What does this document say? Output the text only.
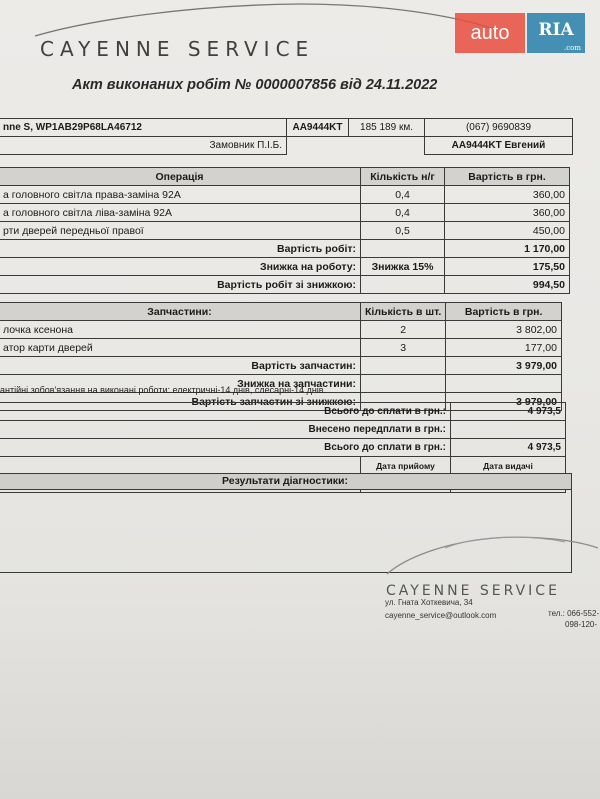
CAYENNE SERVICE
auto	RIA
.com
Акт виконаних робіт № 0000007856 від 24.11.2022
nne S, WP1AB29P68LA46712	AA9444KT	185 189 км.	(067) 9690839
Замовник П.І.Б.			AA9444KT Евгений
Операція	Кількість н/г	Вартість в грн.
а головного світла права-заміна 92А	0,4	360,00
а головного світла ліва-заміна 92А	0,4	360,00
рти дверей передньої правої	0,5	450,00
Вартість робіт:		1 170,00
Знижка на роботу:	Знижка 15%	175,50
Вартість робіт зі знижкою:		994,50
Запчастини:	Кількість в шт.	Вартість в грн.
лочка ксенона	2	3 802,00
атор карти дверей	3	177,00
Вартість запчастин:		3 979,00
Знижка на запчастини:		
Вартість запчастин зі знижкою:		3 979,00
антійні зобов'язання на виконані роботи: електричні-14 днів, слесарні-14 днів.
Всього до сплати в грн.:		4 973,5
Внесено передплати в грн.:		
Всього до сплати в грн.:		4 973,5
	Дата прийому	Дата видачі

Результати діагностики:
CAYENNE SERVICE
ул. Гната Хоткевича, 34
cayenne_service@outlook.com	тел.: 066-552-
098-120-
